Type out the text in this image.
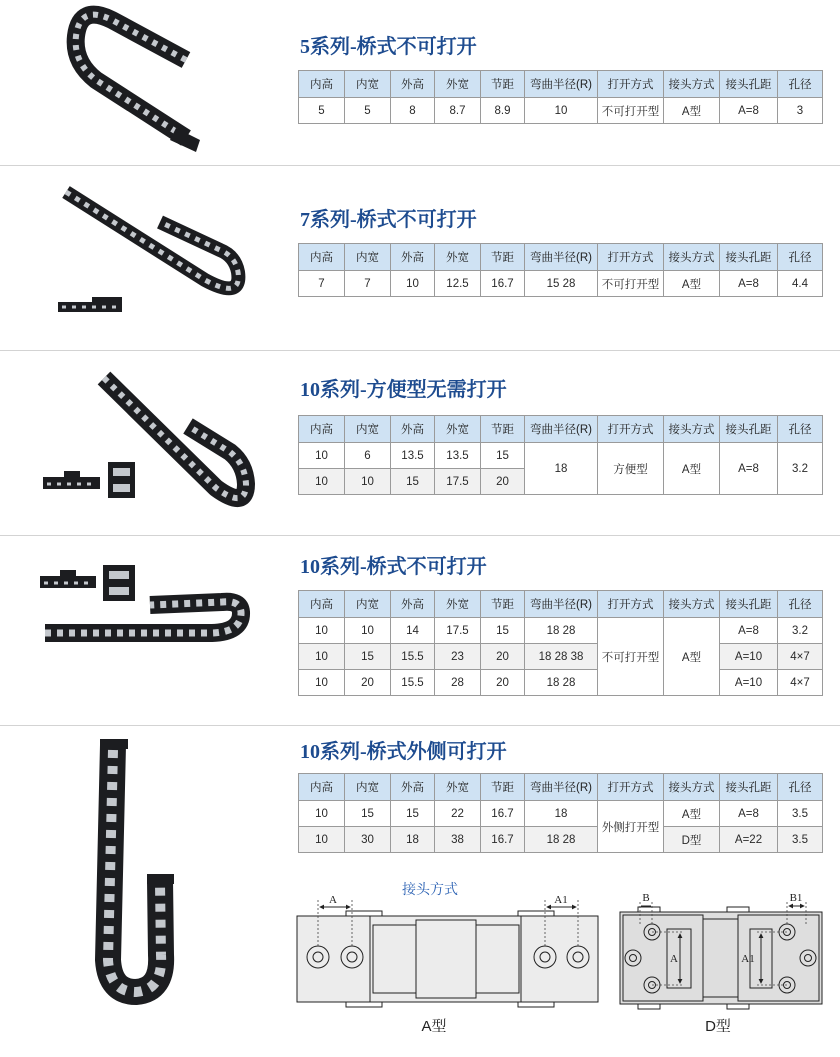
5系列-桥式不可打开
内高	内宽	外高	外宽	节距	弯曲半径(R)	打开方式	接头方式	接头孔距	孔径
5	5	8	8.7	8.9	10	不可打开型	A型	A=8	3
7系列-桥式不可打开
内高	内宽	外高	外宽	节距	弯曲半径(R)	打开方式	接头方式	接头孔距	孔径
7	7	10	12.5	16.7	15 28	不可打开型	A型	A=8	4.4
10系列-方便型无需打开
内高	内宽	外高	外宽	节距	弯曲半径(R)	打开方式	接头方式	接头孔距	孔径
10	6	13.5	13.5	15	18	方便型	A型	A=8	3.2
10	10	15	17.5	20					
10系列-桥式不可打开
内高	内宽	外高	外宽	节距	弯曲半径(R)	打开方式	接头方式	接头孔距	孔径
10	10	14	17.5	15	18 28	不可打开型	A型	A=8	3.2
10	15	15.5	23	20	18 28 38			A=10	4×7
10	20	15.5	28	20	18 28			A=10	4×7
10系列-桥式外侧可打开
内高	内宽	外高	外宽	节距	弯曲半径(R)	打开方式	接头方式	接头孔距	孔径
10	15	15	22	16.7	18	外侧打开型	A型	A=8	3.5
10	30	18	38	16.7	18 28		D型	A=22	3.5
接头方式
A	A1
A	A1
B	B1
A型	D型
